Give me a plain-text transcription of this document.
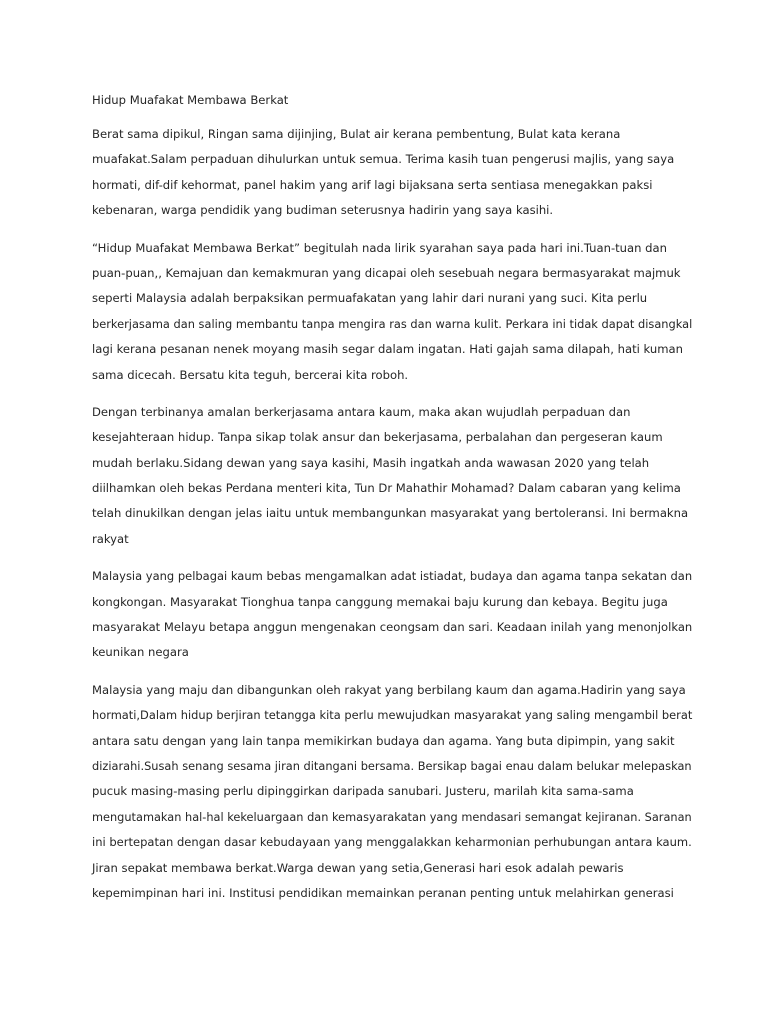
Hidup Muafakat Membawa Berkat
Berat sama dipikul, Ringan sama dijinjing, Bulat air kerana pembentung, Bulat kata kerana
muafakat.Salam perpaduan dihulurkan untuk semua. Terima kasih tuan pengerusi majlis, yang saya
hormati, dif-dif kehormat, panel hakim yang arif lagi bijaksana serta sentiasa menegakkan paksi
kebenaran, warga pendidik yang budiman seterusnya hadirin yang saya kasihi.
“Hidup Muafakat Membawa Berkat” begitulah nada lirik syarahan saya pada hari ini.Tuan-tuan dan
puan-puan,, Kemajuan dan kemakmuran yang dicapai oleh sesebuah negara bermasyarakat majmuk
seperti Malaysia adalah berpaksikan permuafakatan yang lahir dari nurani yang suci. Kita perlu
berkerjasama dan saling membantu tanpa mengira ras dan warna kulit. Perkara ini tidak dapat disangkal
lagi kerana pesanan nenek moyang masih segar dalam ingatan. Hati gajah sama dilapah, hati kuman
sama dicecah. Bersatu kita teguh, bercerai kita roboh.
Dengan terbinanya amalan berkerjasama antara kaum, maka akan wujudlah perpaduan dan
kesejahteraan hidup. Tanpa sikap tolak ansur dan bekerjasama, perbalahan dan pergeseran kaum
mudah berlaku.Sidang dewan yang saya kasihi, Masih ingatkah anda wawasan 2020 yang telah
diilhamkan oleh bekas Perdana menteri kita, Tun Dr Mahathir Mohamad? Dalam cabaran yang kelima
telah dinukilkan dengan jelas iaitu untuk membangunkan masyarakat yang bertoleransi. Ini bermakna
rakyat
Malaysia yang pelbagai kaum bebas mengamalkan adat istiadat, budaya dan agama tanpa sekatan dan
kongkongan. Masyarakat Tionghua tanpa canggung memakai baju kurung dan kebaya. Begitu juga
masyarakat Melayu betapa anggun mengenakan ceongsam dan sari. Keadaan inilah yang menonjolkan
keunikan negara
Malaysia yang maju dan dibangunkan oleh rakyat yang berbilang kaum dan agama.Hadirin yang saya
hormati,Dalam hidup berjiran tetangga kita perlu mewujudkan masyarakat yang saling mengambil berat
antara satu dengan yang lain tanpa memikirkan budaya dan agama. Yang buta dipimpin, yang sakit
diziarahi.Susah senang sesama jiran ditangani bersama. Bersikap bagai enau dalam belukar melepaskan
pucuk masing-masing perlu dipinggirkan daripada sanubari. Justeru, marilah kita sama-sama
mengutamakan hal-hal kekeluargaan dan kemasyarakatan yang mendasari semangat kejiranan. Saranan
ini bertepatan dengan dasar kebudayaan yang menggalakkan keharmonian perhubungan antara kaum.
Jiran sepakat membawa berkat.Warga dewan yang setia,Generasi hari esok adalah pewaris
kepemimpinan hari ini. Institusi pendidikan memainkan peranan penting untuk melahirkan generasi
